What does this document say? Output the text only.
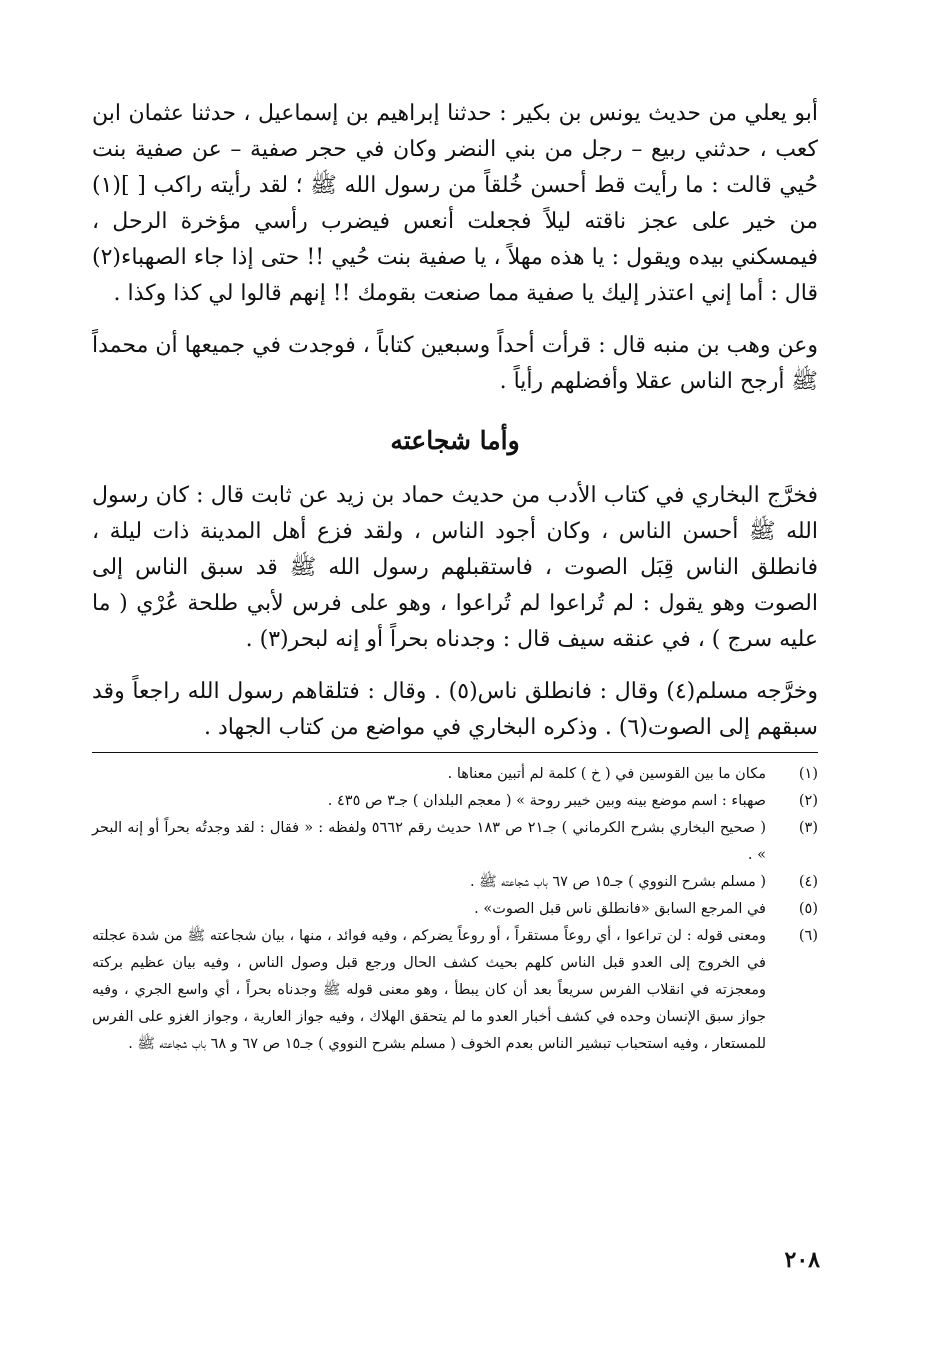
أبو يعلي من حديث يونس بن بكير : حدثنا إبراهيم بن إسماعيل ، حدثنا عثمان ابن كعب ، حدثني ربيع – رجل من بني النضر وكان في حجر صفية – عن صفية بنت حُيي قالت : ما رأيت قط أحسن خُلقاً من رسول الله ﷺ ؛ لقد رأيته راكب [ ](١) من خير على عجز ناقته ليلاً فجعلت أنعس فيضرب رأسي مؤخرة الرحل ، فيمسكني بيده ويقول : يا هذه مهلاً ، يا صفية بنت حُيي !! حتى إذا جاء الصهباء(٢) قال : أما إني اعتذر إليك يا صفية مما صنعت بقومك !! إنهم قالوا لي كذا وكذا .

وعن وهب بن منبه قال : قرأت أحداً وسبعين كتاباً ، فوجدت في جميعها أن محمداً ﷺ أرجح الناس عقلا وأفضلهم رأياً .

وأما شجاعته

فخرَّج البخاري في كتاب الأدب من حديث حماد بن زيد عن ثابت قال : كان رسول الله ﷺ أحسن الناس ، وكان أجود الناس ، ولقد فزع أهل المدينة ذات ليلة ، فانطلق الناس قِبَل الصوت ، فاستقبلهم رسول الله ﷺ قد سبق الناس إلى الصوت وهو يقول : لم تُراعوا لم تُراعوا ، وهو على فرس لأبي طلحة عُرْي ( ما عليه سرج ) ، في عنقه سيف قال : وجدناه بحراً أو إنه لبحر(٣) .

وخرَّجه مسلم(٤) وقال : فانطلق ناس(٥) . وقال : فتلقاهم رسول الله راجعاً وقد سبقهم إلى الصوت(٦) . وذكره البخاري في مواضع من كتاب الجهاد .

(١)
مكان ما بين القوسين في ( خ ) كلمة لم أتبين معناها .
(٢)
صهباء : اسم موضع بينه وبين خيبر روحة » ( معجم البلدان ) جـ٣ ص ٤٣٥ .
(٣)
( صحيح البخاري بشرح الكرماني ) جـ٢١ ص ١٨٣ حديث رقم ٥٦٦٢ ولفظه : « فقال : لقد وجدتُه بحراً أو إنه البحر » .
(٤)
( مسلم بشرح النووي ) جـ١٥ ص ٦٧ باب شجاعته ﷺ .
(٥)
في المرجع السابق «فانطلق ناس قبل الصوت» .
(٦)
ومعنى قوله : لن تراعوا ، أي روعاً مستقراً ، أو روعاً يضركم ، وفيه فوائد ، منها ، بيان شجاعته ﷺ من شدة عجلته في الخروج إلى العدو قبل الناس كلهم بحيث كشف الحال ورجع قبل وصول الناس ، وفيه بيان عظيم بركته ومعجزته في انقلاب الفرس سريعاً بعد أن كان يبطأ ، وهو معنى قوله ﷺ وجدناه بحراً ، أي واسع الجري ، وفيه جواز سبق الإنسان وحده في كشف أخبار العدو ما لم يتحقق الهلاك ، وفيه جواز العارية ، وجواز الغزو على الفرس للمستعار ، وفيه استحباب تبشير الناس بعدم الخوف ( مسلم بشرح النووي ) جـ١٥ ص ٦٧ و ٦٨ باب شجاعته ﷺ .
٢٠٨
